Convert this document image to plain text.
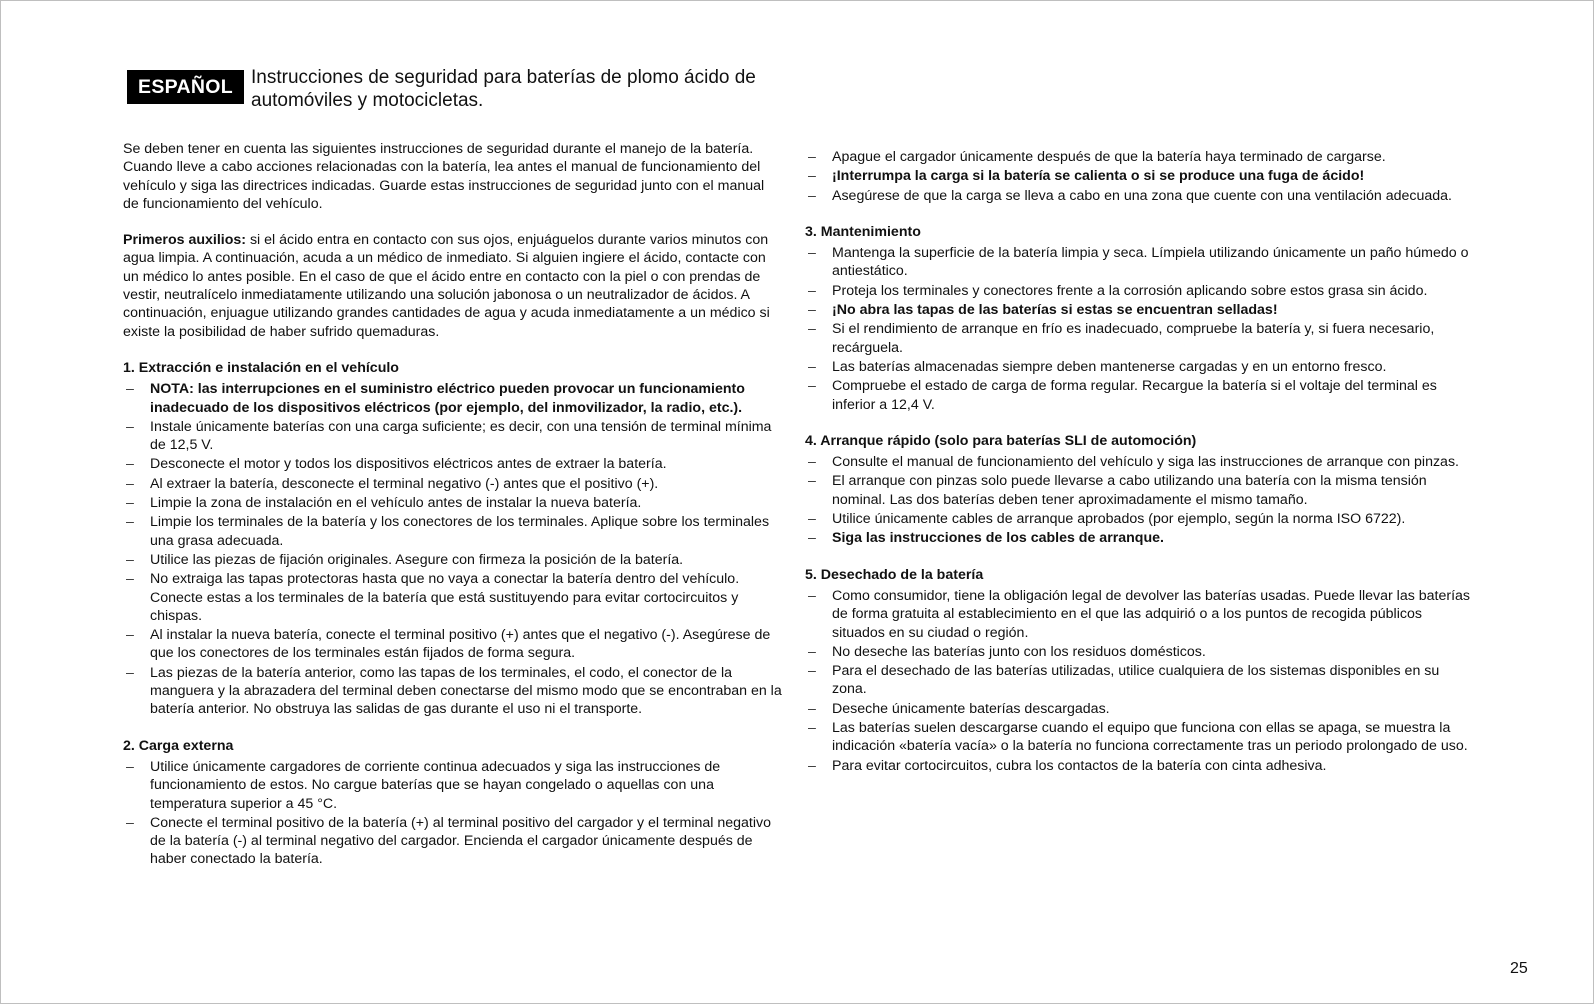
ESPAÑOL Instrucciones de seguridad para baterías de plomo ácido de automóviles y motocicletas.

Se deben tener en cuenta las siguientes instrucciones de seguridad durante el manejo de la batería. Cuando lleve a cabo acciones relacionadas con la batería, lea antes el manual de funcionamiento del vehículo y siga las directrices indicadas. Guarde estas instrucciones de seguridad junto con el manual de funcionamiento del vehículo.

Primeros auxilios: si el ácido entra en contacto con sus ojos, enjuáguelos durante varios minutos con agua limpia. A continuación, acuda a un médico de inmediato. Si alguien ingiere el ácido, contacte con un médico lo antes posible. En el caso de que el ácido entre en contacto con la piel o con prendas de vestir, neutralícelo inmediatamente utilizando una solución jabonosa o un neutralizador de ácidos. A continuación, enjuague utilizando grandes cantidades de agua y acuda inmediatamente a un médico si existe la posibilidad de haber sufrido quemaduras.

1. Extracción e instalación en el vehículo
– NOTA: las interrupciones en el suministro eléctrico pueden provocar un funcionamiento inadecuado de los dispositivos eléctricos (por ejemplo, del inmovilizador, la radio, etc.).
– Instale únicamente baterías con una carga suficiente; es decir, con una tensión de terminal mínima de 12,5 V.
– Desconecte el motor y todos los dispositivos eléctricos antes de extraer la batería.
– Al extraer la batería, desconecte el terminal negativo (-) antes que el positivo (+).
– Limpie la zona de instalación en el vehículo antes de instalar la nueva batería.
– Limpie los terminales de la batería y los conectores de los terminales. Aplique sobre los terminales una grasa adecuada.
– Utilice las piezas de fijación originales. Asegure con firmeza la posición de la batería.
– No extraiga las tapas protectoras hasta que no vaya a conectar la batería dentro del vehículo. Conecte estas a los terminales de la batería que está sustituyendo para evitar cortocircuitos y chispas.
– Al instalar la nueva batería, conecte el terminal positivo (+) antes que el negativo (-). Asegúrese de que los conectores de los terminales están fijados de forma segura.
– Las piezas de la batería anterior, como las tapas de los terminales, el codo, el conector de la manguera y la abrazadera del terminal deben conectarse del mismo modo que se encontraban en la batería anterior. No obstruya las salidas de gas durante el uso ni el transporte.
2. Carga externa
– Utilice únicamente cargadores de corriente continua adecuados y siga las instrucciones de funcionamiento de estos. No cargue baterías que se hayan congelado o aquellas con una temperatura superior a 45 °C.
– Conecte el terminal positivo de la batería (+) al terminal positivo del cargador y el terminal negativo de la batería (-) al terminal negativo del cargador. Encienda el cargador únicamente después de haber conectado la batería.
– Apague el cargador únicamente después de que la batería haya terminado de cargarse.
– ¡Interrumpa la carga si la batería se calienta o si se produce una fuga de ácido!
– Asegúrese de que la carga se lleva a cabo en una zona que cuente con una ventilación adecuada.
3. Mantenimiento
– Mantenga la superficie de la batería limpia y seca. Límpiela utilizando únicamente un paño húmedo o antiestático.
– Proteja los terminales y conectores frente a la corrosión aplicando sobre estos grasa sin ácido.
– ¡No abra las tapas de las baterías si estas se encuentran selladas!
– Si el rendimiento de arranque en frío es inadecuado, compruebe la batería y, si fuera necesario, recárguela.
– Las baterías almacenadas siempre deben mantenerse cargadas y en un entorno fresco.
– Compruebe el estado de carga de forma regular. Recargue la batería si el voltaje del terminal es inferior a 12,4 V.
4. Arranque rápido (solo para baterías SLI de automoción)
– Consulte el manual de funcionamiento del vehículo y siga las instrucciones de arranque con pinzas.
– El arranque con pinzas solo puede llevarse a cabo utilizando una batería con la misma tensión nominal. Las dos baterías deben tener aproximadamente el mismo tamaño.
– Utilice únicamente cables de arranque aprobados (por ejemplo, según la norma ISO 6722).
– Siga las instrucciones de los cables de arranque.
5. Desechado de la batería
– Como consumidor, tiene la obligación legal de devolver las baterías usadas. Puede llevar las baterías de forma gratuita al establecimiento en el que las adquirió o a los puntos de recogida públicos situados en su ciudad o región.
– No deseche las baterías junto con los residuos domésticos.
– Para el desechado de las baterías utilizadas, utilice cualquiera de los sistemas disponibles en su zona.
– Deseche únicamente baterías descargadas.
– Las baterías suelen descargarse cuando el equipo que funciona con ellas se apaga, se muestra la indicación «batería vacía» o la batería no funciona correctamente tras un periodo prolongado de uso.
– Para evitar cortocircuitos, cubra los contactos de la batería con cinta adhesiva.
25
